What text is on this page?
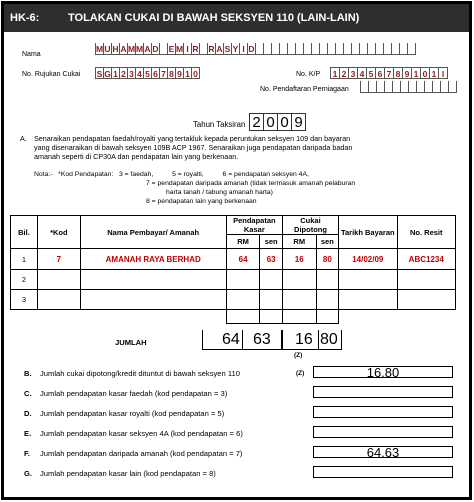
HK-6:	TOLAKAN CUKAI DI BAWAH SEKSYEN 110 (LAIN-LAIN)
Nama
M U H A M M A D E M I R R A S Y I D
No. Rujukan Cukai S G 1 2 3 4 5 6 7 8 9 1 0	No. K/P 1 2 3 4 5 6 7 8 9 1 0 1 l
No. Pendaftaran Perniagaan
Tahun Taksiran 2 0 0 9
A. Senaraikan pendapatan faedah/royalti yang tertakluk kepada peruntukan seksyen 109 dan bayaran
yang disenaraikan di bawah seksyen 109B ACP 1967. Senaraikan juga pendapatan daripada badan
amanah seperti di CP30A dan pendapatan lain yang berkenaan.
Nota:-   *Kod Pendapatan:   3 = faedah,          5 = royalti,          6 = pendapatan seksyen 4A,
7 = pendapatan daripada amanah (tidak termasuk amanah pelaburan
harta tanah / tabung amanah harta)
8 = pendapatan lain yang berkenaan
Bil.	*Kod	Nama Pembayar/ Amanah	Pendapatan Kasar		Cukai Dipotong		Tarikh Bayaran	No. Resit
			RM	sen	RM	sen		
1	7	AMANAH RAYA BERHAD	64	63	16	80	14/02/09	ABC1234
2								
3								

JUMLAH	64 63 16 80
(Z)
B. Jumlah cukai dipotong/kredit dituntut di bawah seksyen 110	(Z)	16.80
C. Jumlah pendapatan kasar faedah (kod pendapatan = 3)
D. Jumlah pendapatan kasar royalti (kod pendapatan = 5)
E. Jumlah pendapatan kasar seksyen 4A (kod pendapatan = 6)
F. Jumlah pendapatan daripada amanah (kod pendapatan = 7)	64.63
G. Jumlah pendapatan kasar lain (kod pendapatan = 8)
